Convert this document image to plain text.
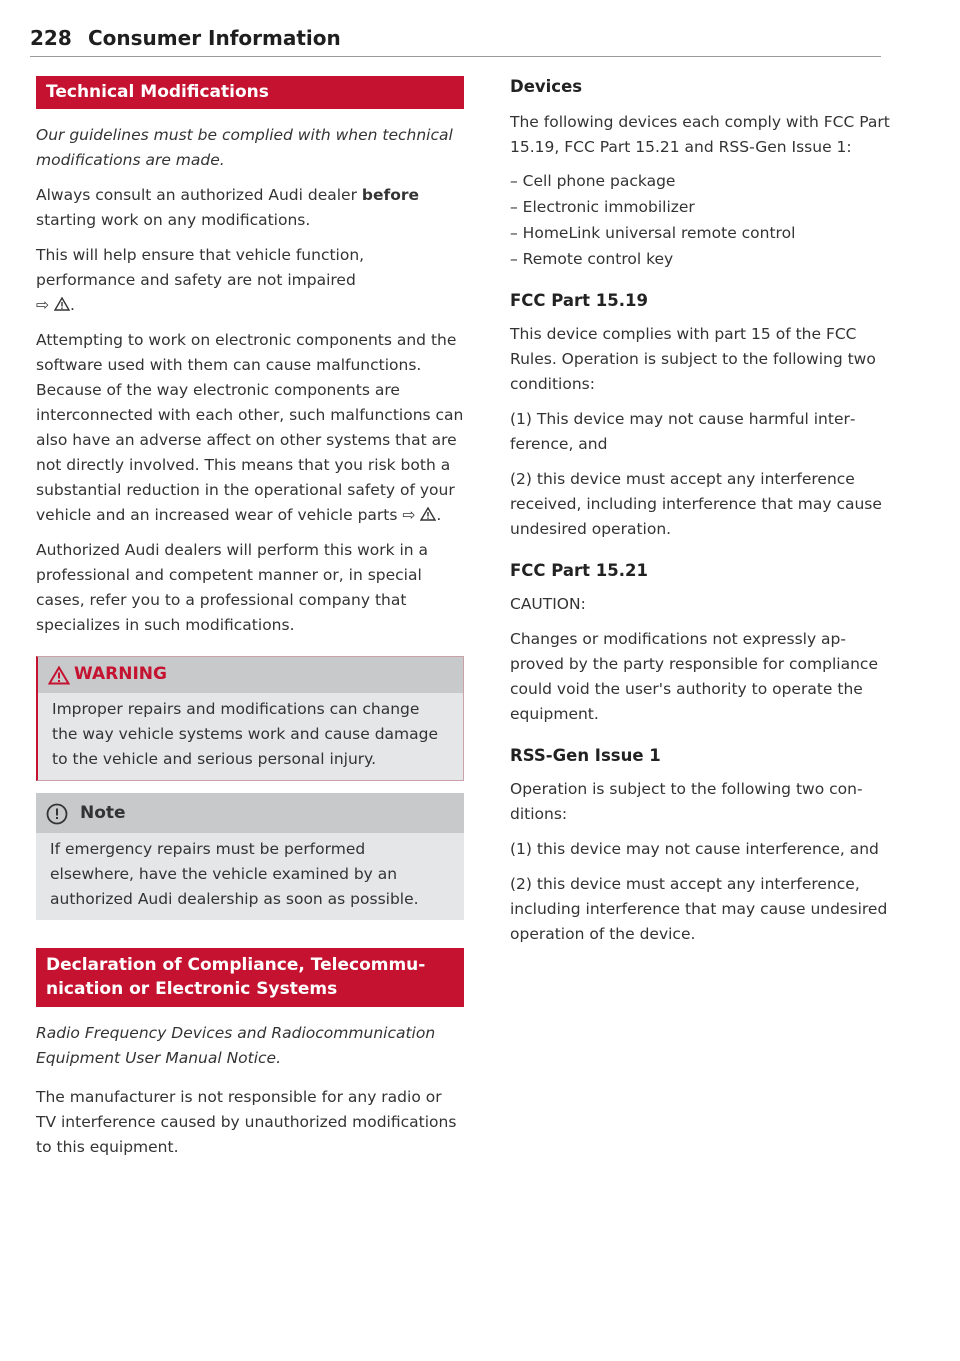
228 Consumer Information
Technical Modifications

Our guidelines must be complied with when technical modifications are made.

Always consult an authorized Audi dealer before starting work on any modifications.

This will help ensure that vehicle function, performance and safety are not impaired
⇨ .

Attempting to work on electronic components and the software used with them can cause malfunctions. Because of the way electronic components are interconnected with each other, such malfunctions can also have an adverse affect on other systems that are not directly involved. This means that you risk both a substantial reduction in the operational safety of your vehicle and an increased wear of vehicle parts ⇨ .

Authorized Audi dealers will perform this work in a professional and competent manner or, in special cases, refer you to a professional company that specializes in such modifications.

WARNING

Improper repairs and modifications can change the way vehicle systems work and cause damage to the vehicle and serious personal injury.

Note

If emergency repairs must be performed elsewhere, have the vehicle examined by an authorized Audi dealership as soon as possible.

Declaration of Compliance, Telecommu-
nication or Electronic Systems

Radio Frequency Devices and Radiocommunication Equipment User Manual Notice.

The manufacturer is not responsible for any radio or TV interference caused by unauthorized modifications to this equipment.

Devices

The following devices each comply with FCC Part 15.19, FCC Part 15.21 and RSS-Gen Issue 1:

– Cell phone package
– Electronic immobilizer
– HomeLink universal remote control
– Remote control key
FCC Part 15.19

This device complies with part 15 of the FCC Rules. Operation is subject to the following two conditions:

(1) This device may not cause harmful interference, and

(2) this device must accept any interference received, including interference that may cause undesired operation.

FCC Part 15.21

CAUTION:

Changes or modifications not expressly approved by the party responsible for compliance could void the user's authority to operate the equipment.

RSS-Gen Issue 1

Operation is subject to the following two conditions:

(1) this device may not cause interference, and

(2) this device must accept any interference, including interference that may cause undesired operation of the device.
